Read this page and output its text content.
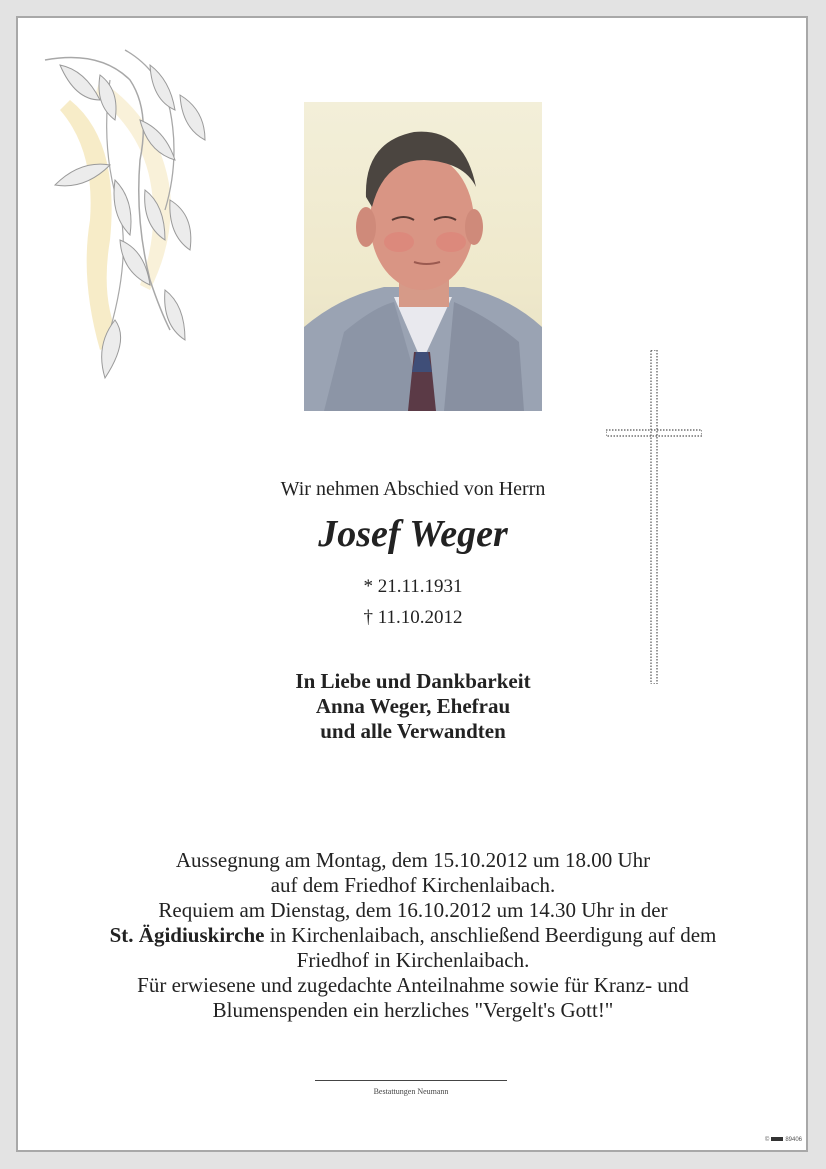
Wir nehmen Abschied von Herrn
Josef Weger
* 21.11.1931
† 11.10.2012
In Liebe und Dankbarkeit
Anna Weger, Ehefrau
und alle Verwandten
Aussegnung am Montag, dem 15.10.2012 um 18.00 Uhr
auf dem Friedhof Kirchenlaibach.
Requiem am Dienstag, dem 16.10.2012 um 14.30 Uhr in der
St. Ägidiuskirche in Kirchenlaibach, anschließend Beerdigung auf dem
Friedhof in Kirchenlaibach.
Für erwiesene und zugedachte Anteilnahme sowie für Kranz- und
Blumenspenden ein herzliches "Vergelt's Gott!"
Bestattungen Neumann
©	89406
